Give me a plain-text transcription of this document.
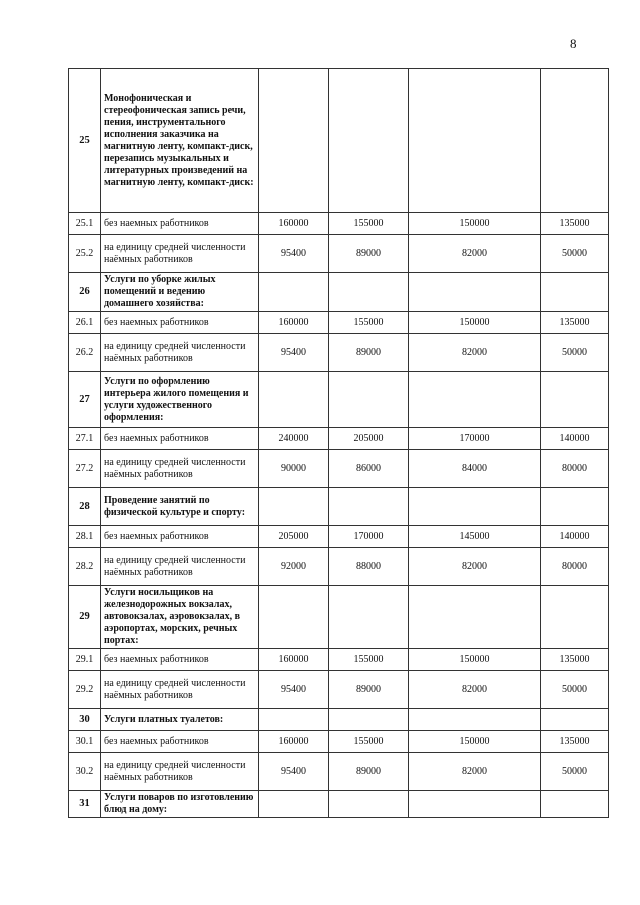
8
25	Монофоническая и стереофоническая запись речи, пения, инструментального исполнения заказчика на магнитную ленту, компакт-диск, перезапись музыкальных и литературных произведений на магнитную ленту, компакт-диск:				
25.1	без наемных работников	160000	155000	150000	135000
25.2	на единицу средней численности наёмных работников	95400	89000	82000	50000
26	Услуги по уборке жилых помещений и ведению домашнего хозяйства:				
26.1	без наемных работников	160000	155000	150000	135000
26.2	на единицу средней численности наёмных работников	95400	89000	82000	50000
27	Услуги по оформлению интерьера жилого помещения и услуги художественного оформления:				
27.1	без наемных работников	240000	205000	170000	140000
27.2	на единицу средней численности наёмных работников	90000	86000	84000	80000
28	Проведение занятий по физической культуре и спорту:				
28.1	без наемных работников	205000	170000	145000	140000
28.2	на единицу средней численности наёмных работников	92000	88000	82000	80000
29	Услуги носильщиков на железнодорожных вокзалах, автовокзалах, аэровокзалах, в аэропортах, морских, речных портах:				
29.1	без наемных работников	160000	155000	150000	135000
29.2	на единицу средней численности наёмных работников	95400	89000	82000	50000
30	Услуги платных туалетов:				
30.1	без наемных работников	160000	155000	150000	135000
30.2	на единицу средней численности наёмных работников	95400	89000	82000	50000
31	Услуги поваров по изготовлению блюд на дому:				
